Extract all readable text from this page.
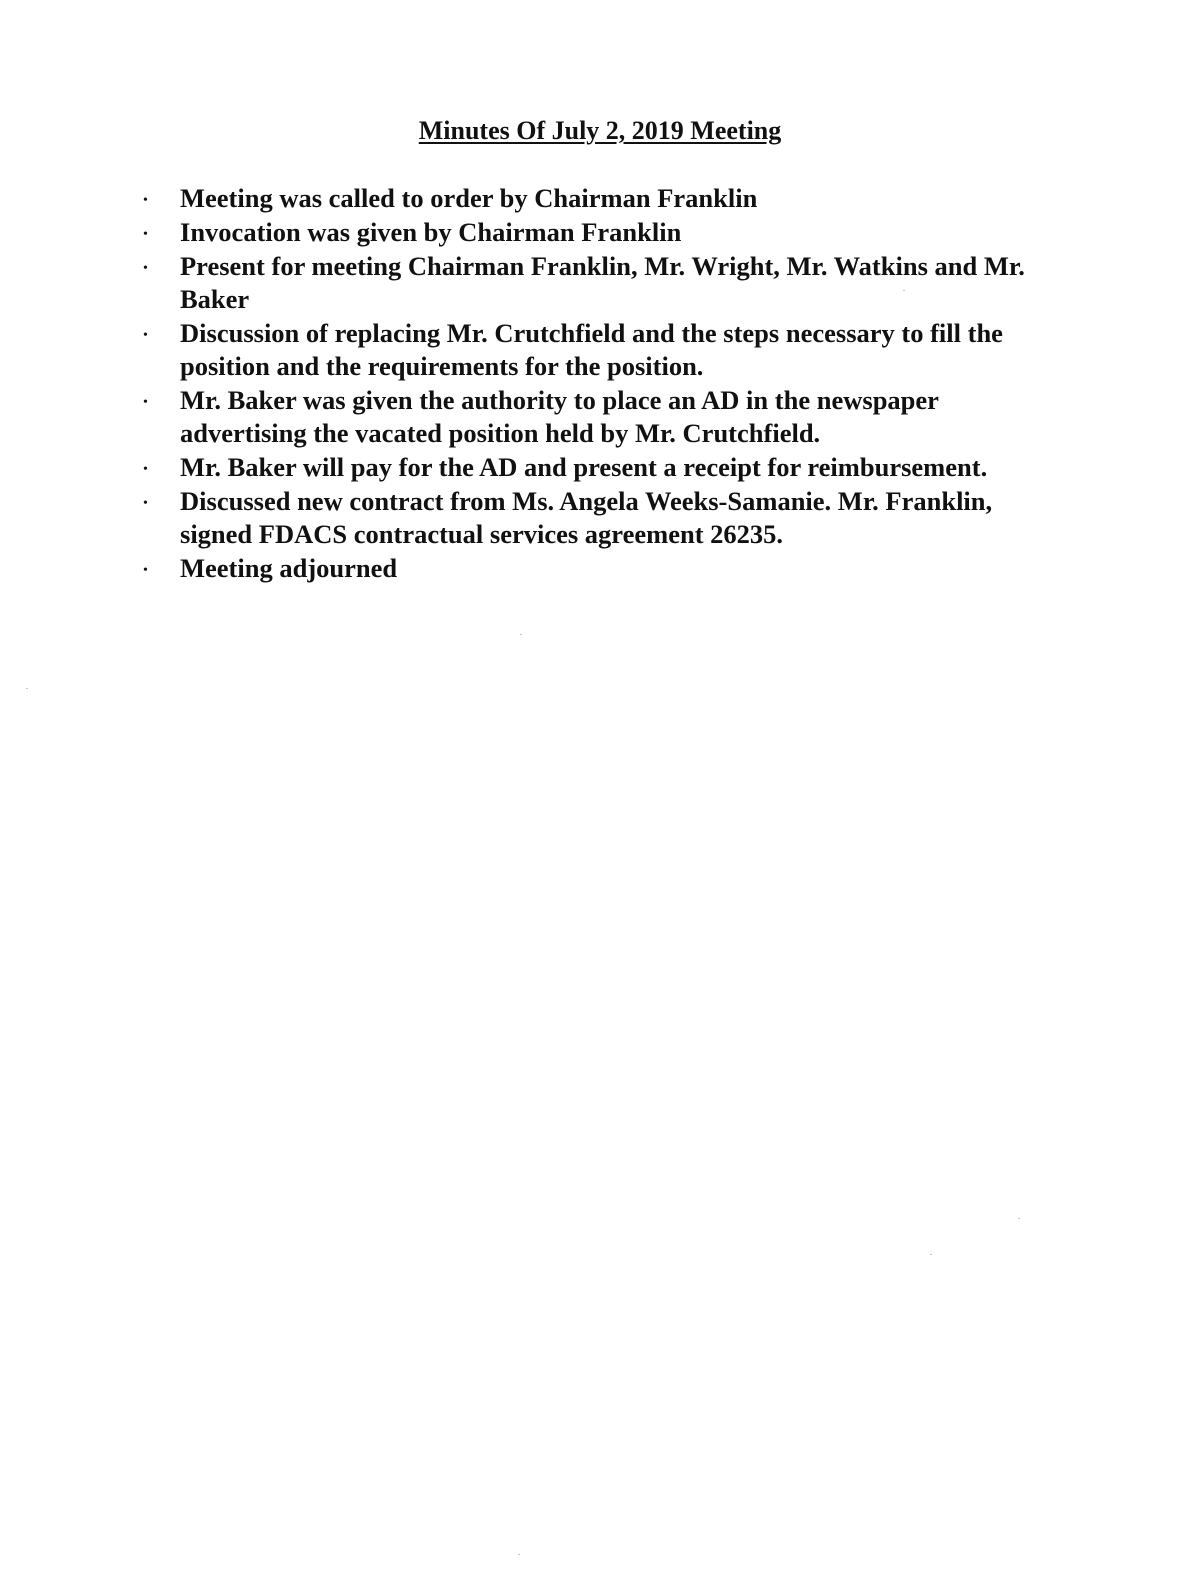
Minutes Of July 2, 2019 Meeting
• Meeting was called to order by Chairman Franklin
• Invocation was given by Chairman Franklin
• Present for meeting Chairman Franklin, Mr. Wright, Mr. Watkins and Mr. Baker
• Discussion of replacing Mr. Crutchfield and the steps necessary to fill the position and the requirements for the position.
• Mr. Baker was given the authority to place an AD in the newspaper advertising the vacated position held by Mr. Crutchfield.
• Mr. Baker will pay for the AD and present a receipt for reimbursement.
• Discussed new contract from Ms. Angela Weeks-Samanie. Mr. Franklin, signed FDACS contractual services agreement 26235.
• Meeting adjourned
